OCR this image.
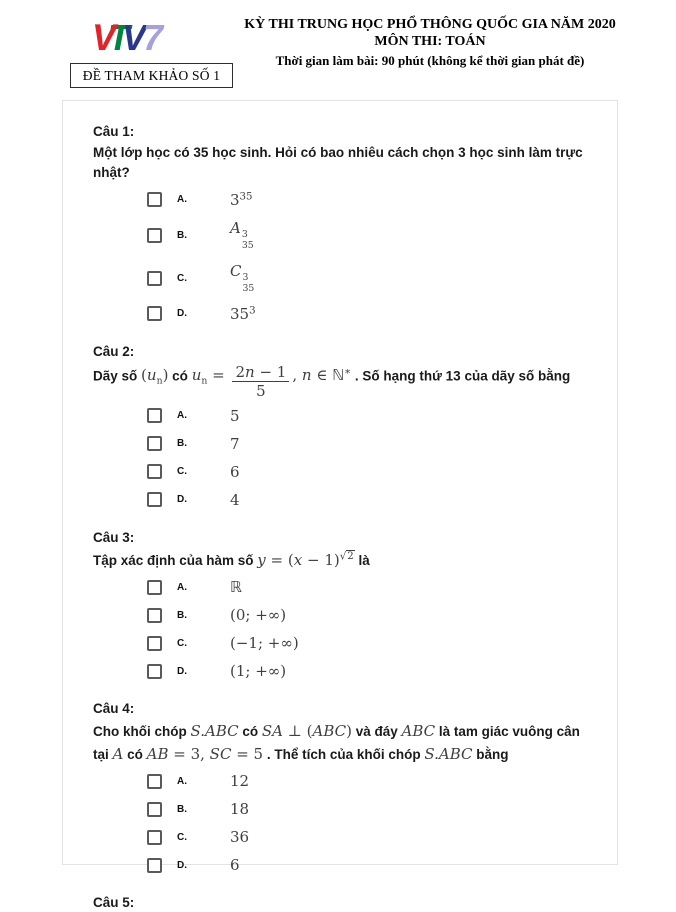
VTV7
ĐỀ THAM KHẢO SỐ 1
KỲ THI TRUNG HỌC PHỔ THÔNG QUỐC GIA NĂM 2020
MÔN THI: TOÁN
Thời gian làm bài: 90 phút (không kể thời gian phát đề)
Câu 1:
Một lớp học có 35 học sinh. Hỏi có bao nhiêu cách chọn 3 học sinh làm trực nhật?
A.	$3^{35}$
B.	A 3
35
C.	C 3
35
D.	$35^3$
Câu 2:
Dãy số $(u_n)$ có $u_n = \frac{2n - 1}{5}$ , n ∈ ℕ∗ . Số hạng thứ 13 của dãy số bằng
A.	5
B.	7
C.	6
D.	4
Câu 3:
Tập xác định của hàm số $y = (x - 1)^{√2}$ là
A.	ℝ
B.	(0; +∞)
C.	(−1; +∞)
D.	(1; +∞)
Câu 4:
Cho khối chóp S.ABC có SA ⊥ (ABC) và đáy ABC là tam giác vuông cân tại A có AB = 3, SC = 5 . Thể tích của khối chóp S.ABC bằng
A.	12
B.	18
C.	36
D.	6
Câu 5:
